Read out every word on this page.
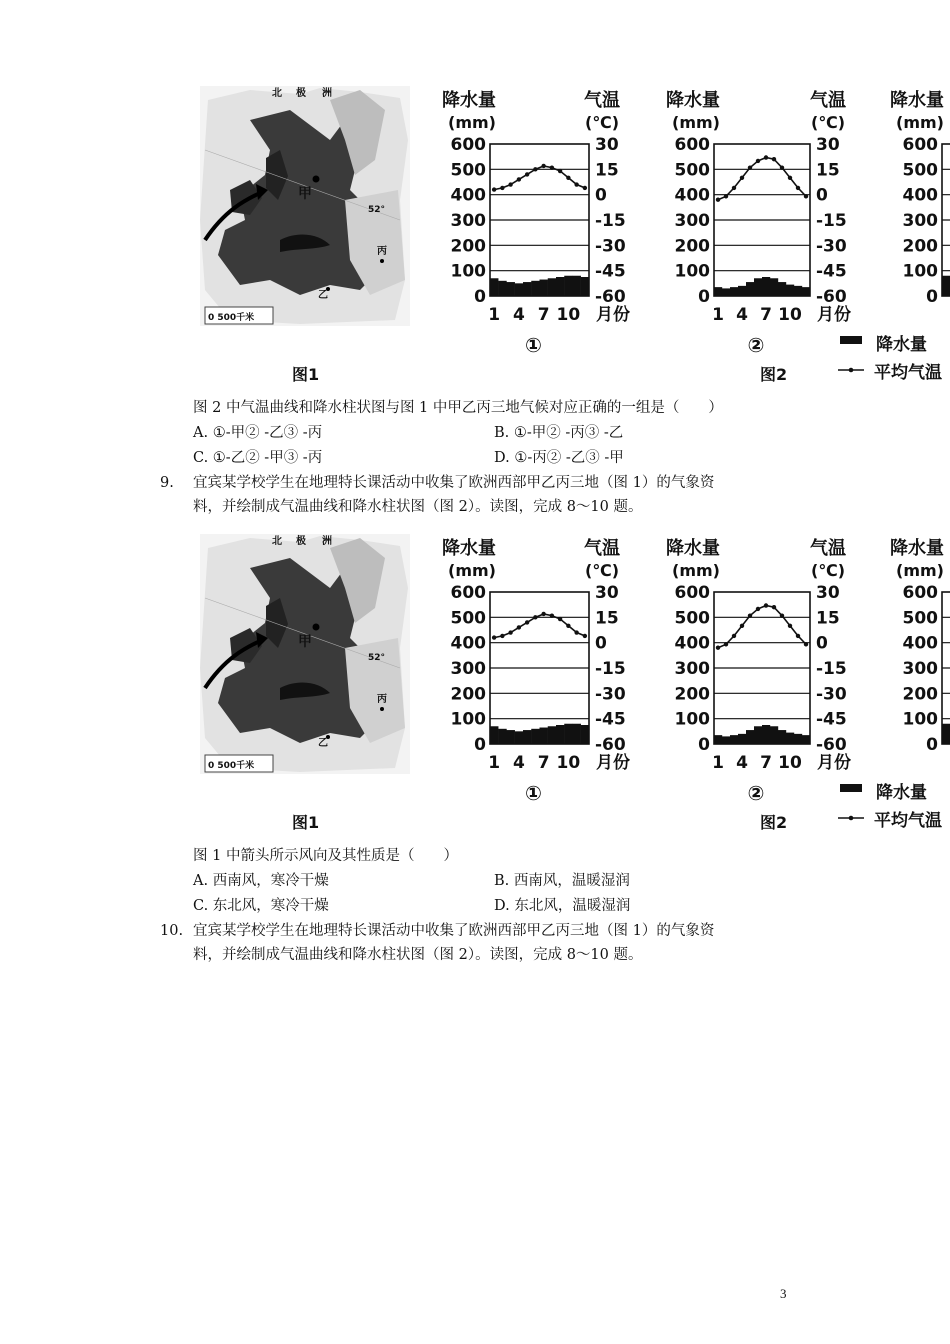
北 极 洲
甲
丙
乙
52°
0 500千米
图1	图2
降水量
平均气温
降水量
(mm)
气温
(℃)
600	30
500	15
400	0
300	-15
200	-30
100	-45
0	-60
1 4 7 10 月份
①
降水量
(mm)
气温
(℃)
600	30
500	15
400	0
300	-15
200	-30
100	-45
0	-60
1 4 7 10 月份
②
降水量
(mm)
600
500
400
300
200
100
0
北 极 洲
甲
丙
乙
52°
0 500千米
图1	图2
降水量
平均气温
降水量
(mm)
气温
(℃)
600	30
500	15
400	0
300	-15
200	-30
100	-45
0	-60
1 4 7 10 月份
①
降水量
(mm)
气温
(℃)
600	30
500	15
400	0
300	-15
200	-30
100	-45
0	-60
1 4 7 10 月份
②
降水量
(mm)
600
500
400
300
200
100
0
图 2 中气温曲线和降水柱状图与图 1 中甲乙丙三地气候对应正确的一组是（　　）
A. ①-甲② -乙③ -丙	B. ①-甲② -丙③ -乙
C. ①-乙② -甲③ -丙	D. ①-丙② -乙③ -甲
9. 宜宾某学校学生在地理特长课活动中收集了欧洲西部甲乙丙三地（图 1）的气象资
料，并绘制成气温曲线和降水柱状图（图 2）。读图，完成 8～10 题。
图 1 中箭头所示风向及其性质是（　　）
A. 西南风，寒冷干燥	B. 西南风，温暖湿润
C. 东北风，寒冷干燥	D. 东北风，温暖湿润
10. 宜宾某学校学生在地理特长课活动中收集了欧洲西部甲乙丙三地（图 1）的气象资
料，并绘制成气温曲线和降水柱状图（图 2）。读图，完成 8～10 题。
3
